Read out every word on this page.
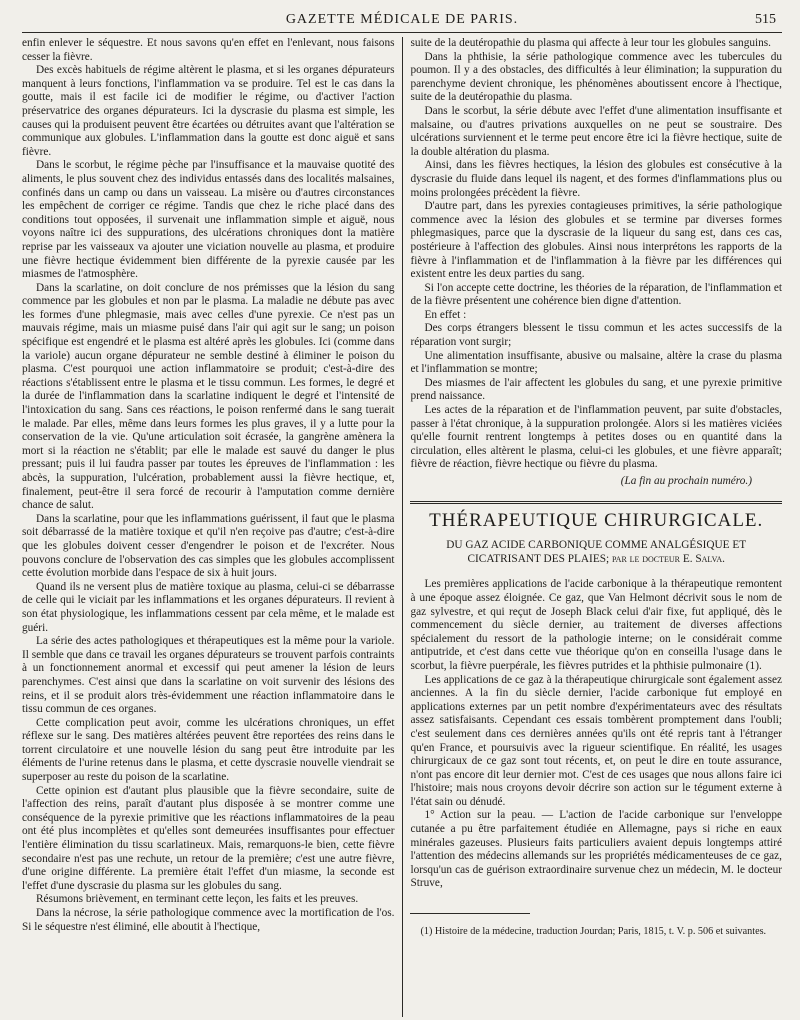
GAZETTE MÉDICALE DE PARIS.	515

enfin enlever le séquestre. Et nous savons qu'en effet en l'enlevant, nous faisons cesser la fièvre.

Des excès habituels de régime altèrent le plasma, et si les organes dépurateurs manquent à leurs fonctions, l'inflammation va se produire. Tel est le cas dans la goutte, mais il est facile ici de modifier le régime, ou d'activer l'action préservatrice des organes dépurateurs. Ici la dyscrasie du plasma est simple, les causes qui la produisent peuvent être écartées ou détruites avant que l'altération se communique aux globules. L'inflammation dans la goutte est donc aiguë et sans fièvre.

Dans le scorbut, le régime pèche par l'insuffisance et la mauvaise quotité des aliments, le plus souvent chez des individus entassés dans des localités malsaines, confinés dans un camp ou dans un vaisseau. La misère ou d'autres circonstances les empêchent de corriger ce régime. Tandis que chez le riche placé dans des conditions tout opposées, il survenait une inflammation simple et aiguë, nous voyons naître ici des suppurations, des ulcérations chroniques dont la matière reprise par les vaisseaux va ajouter une viciation nouvelle au plasma, et produire une fièvre hectique évidemment bien différente de la pyrexie causée par les miasmes de l'atmosphère.

Dans la scarlatine, on doit conclure de nos prémisses que la lésion du sang commence par les globules et non par le plasma. La maladie ne débute pas avec les formes d'une phlegmasie, mais avec celles d'une pyrexie. Ce n'est pas un mauvais régime, mais un miasme puisé dans l'air qui agit sur le sang; un poison spécifique est engendré et le plasma est altéré après les globules. Ici (comme dans la variole) aucun organe dépurateur ne semble destiné à éliminer le poison du plasma. C'est pourquoi une action inflammatoire se produit; c'est-à-dire des réactions s'établissent entre le plasma et le tissu commun. Les formes, le degré et la durée de l'inflammation dans la scarlatine indiquent le degré et l'intensité de l'intoxication du sang. Sans ces réactions, le poison renfermé dans le sang tuerait le malade. Par elles, même dans leurs formes les plus graves, il y a lutte pour la conservation de la vie. Qu'une articulation soit écrasée, la gangrène amènera la mort si la réaction ne s'établit; par elle le malade est sauvé du danger le plus pressant; puis il lui faudra passer par toutes les épreuves de l'inflammation : les abcès, la suppuration, l'ulcération, probablement aussi la fièvre hectique, et, finalement, peut-être il sera forcé de recourir à l'amputation comme dernière chance de salut.

Dans la scarlatine, pour que les inflammations guérissent, il faut que le plasma soit débarrassé de la matière toxique et qu'il n'en reçoive pas d'autre; c'est-à-dire que les globules doivent cesser d'engendrer le poison et de l'excréter. Nous pouvons conclure de l'observation des cas simples que les globules accomplissent cette évolution morbide dans l'espace de six à huit jours.

Quand ils ne versent plus de matière toxique au plasma, celui-ci se débarrasse de celle qui le viciait par les inflammations et les organes dépurateurs. Il revient à son état physiologique, les inflammations cessent par cela même, et le malade est guéri.

La série des actes pathologiques et thérapeutiques est la même pour la variole. Il semble que dans ce travail les organes dépurateurs se trouvent parfois contraints à un fonctionnement anormal et excessif qui peut amener la lésion de leurs parenchymes. C'est ainsi que dans la scarlatine on voit survenir des lésions des reins, et il se produit alors très-évidemment une réaction inflammatoire dans le tissu commun de ces organes.

Cette complication peut avoir, comme les ulcérations chroniques, un effet réflexe sur le sang. Des matières altérées peuvent être reportées des reins dans le torrent circulatoire et une nouvelle lésion du sang peut être introduite par les éléments de l'urine retenus dans le plasma, et cette dyscrasie nouvelle viendrait se superposer au reste du poison de la scarlatine.

Cette opinion est d'autant plus plausible que la fièvre secondaire, suite de l'affection des reins, paraît d'autant plus disposée à se montrer comme une conséquence de la pyrexie primitive que les réactions inflammatoires de la peau ont été plus incomplètes et qu'elles sont demeurées insuffisantes pour effectuer l'entière élimination du tissu scarlatineux. Mais, remarquons-le bien, cette fièvre secondaire n'est pas une rechute, un retour de la première; c'est une autre fièvre, d'une origine différente. La première était l'effet d'un miasme, la seconde est l'effet d'une dyscrasie du plasma sur les globules du sang.

Résumons brièvement, en terminant cette leçon, les faits et les preuves.

Dans la nécrose, la série pathologique commence avec la mortification de l'os. Si le séquestre n'est éliminé, elle aboutit à l'hectique,

suite de la deutéropathie du plasma qui affecte à leur tour les globules sanguins.

Dans la phthisie, la série pathologique commence avec les tubercules du poumon. Il y a des obstacles, des difficultés à leur élimination; la suppuration du parenchyme devient chronique, les phénomènes aboutissent encore à l'hectique, suite de la deutéropathie du plasma.

Dans le scorbut, la série débute avec l'effet d'une alimentation insuffisante et malsaine, ou d'autres privations auxquelles on ne peut se soustraire. Des ulcérations surviennent et le terme peut encore être ici la fièvre hectique, suite de la double altération du plasma.

Ainsi, dans les fièvres hectiques, la lésion des globules est consécutive à la dyscrasie du fluide dans lequel ils nagent, et des formes d'inflammations plus ou moins prolongées précèdent la fièvre.

D'autre part, dans les pyrexies contagieuses primitives, la série pathologique commence avec la lésion des globules et se termine par diverses formes phlegmasiques, parce que la dyscrasie de la liqueur du sang est, dans ces cas, postérieure à l'affection des globules. Ainsi nous interprétons les rapports de la fièvre à l'inflammation et de l'inflammation à la fièvre par les différences qui existent entre les deux parties du sang.

Si l'on accepte cette doctrine, les théories de la réparation, de l'inflammation et de la fièvre présentent une cohérence bien digne d'attention.

En effet :

Des corps étrangers blessent le tissu commun et les actes successifs de la réparation vont surgir;

Une alimentation insuffisante, abusive ou malsaine, altère la crase du plasma et l'inflammation se montre;

Des miasmes de l'air affectent les globules du sang, et une pyrexie primitive prend naissance.

Les actes de la réparation et de l'inflammation peuvent, par suite d'obstacles, passer à l'état chronique, à la suppuration prolongée. Alors si les matières viciées qu'elle fournit rentrent longtemps à petites doses ou en quantité dans la circulation, elles altèrent le plasma, celui-ci les globules, et une fièvre apparaît; fièvre de réaction, fièvre hectique ou fièvre du plasma.

(La fin au prochain numéro.)
THÉRAPEUTIQUE CHIRURGICALE.
DU GAZ ACIDE CARBONIQUE COMME ANALGÉSIQUE ET CICATRISANT DES PLAIES; par le docteur E. Salva.

Les premières applications de l'acide carbonique à la thérapeutique remontent à une époque assez éloignée. Ce gaz, que Van Helmont décrivit sous le nom de gaz sylvestre, et qui reçut de Joseph Black celui d'air fixe, fut appliqué, dès le commencement du siècle dernier, au traitement de diverses affections spécialement du ressort de la pathologie interne; on le considérait comme antiputride, et c'est dans cette vue théorique qu'on en conseilla l'usage dans le scorbut, la fièvre puerpérale, les fièvres putrides et la phthisie pulmonaire (1).

Les applications de ce gaz à la thérapeutique chirurgicale sont également assez anciennes. A la fin du siècle dernier, l'acide carbonique fut employé en applications externes par un petit nombre d'expérimentateurs avec des résultats assez satisfaisants. Cependant ces essais tombèrent promptement dans l'oubli; c'est seulement dans ces dernières années qu'ils ont été repris tant à l'étranger qu'en France, et poursuivis avec la rigueur scientifique. En réalité, les usages chirurgicaux de ce gaz sont tout récents, et, on peut le dire en toute assurance, n'ont pas encore dit leur dernier mot. C'est de ces usages que nous allons faire ici l'histoire; mais nous croyons devoir décrire son action sur le tégument externe à l'état sain ou dénudé.

1° Action sur la peau. — L'action de l'acide carbonique sur l'enveloppe cutanée a pu être parfaitement étudiée en Allemagne, pays si riche en eaux minérales gazeuses. Plusieurs faits particuliers avaient depuis longtemps attiré l'attention des médecins allemands sur les propriétés médicamenteuses de ce gaz, lorsqu'un cas de guérison extraordinaire survenue chez un médecin, M. le docteur Struve,

(1) Histoire de la médecine, traduction Jourdan; Paris, 1815, t. V. p. 506 et suivantes.
